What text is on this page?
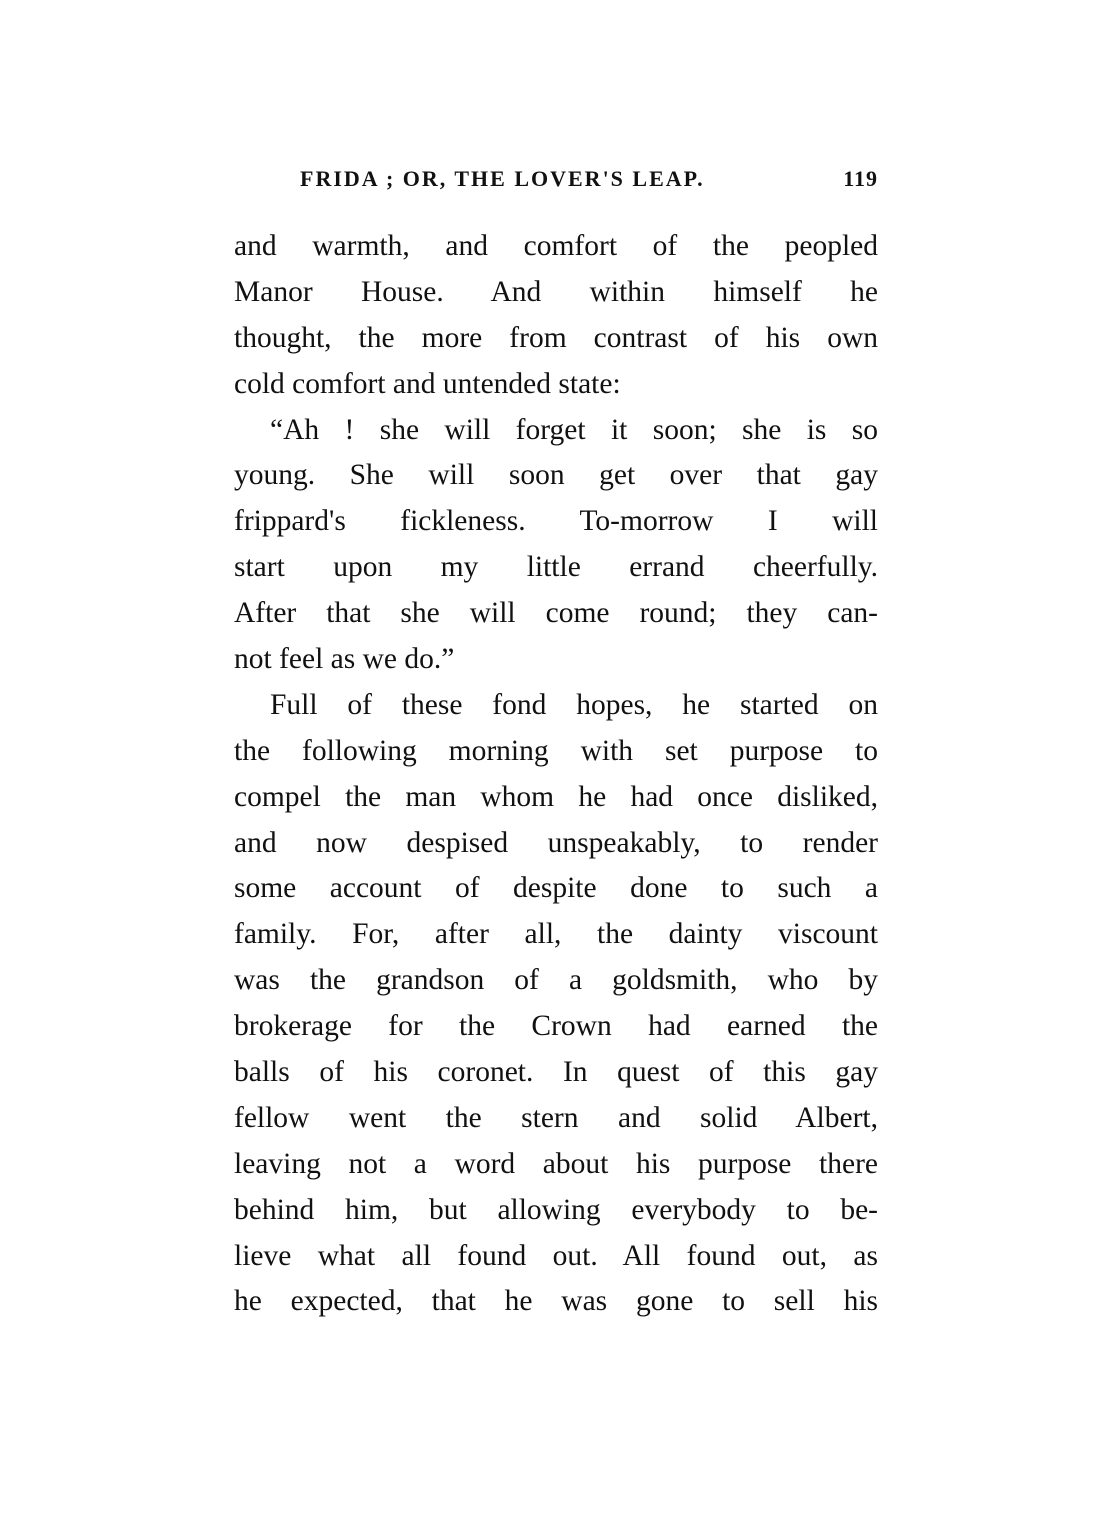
FRIDA ; OR, THE LOVER'S LEAP.	119
and warmth, and comfort of the peopled
Manor House. And within himself he
thought, the more from contrast of his own
cold comfort and untended state:
“Ah ! she will forget it soon; she is so
young. She will soon get over that gay
frippard's fickleness. To-morrow I will
start upon my little errand cheerfully.
After that she will come round; they can-
not feel as we do.”
Full of these fond hopes, he started on
the following morning with set purpose to
compel the man whom he had once disliked,
and now despised unspeakably, to render
some account of despite done to such a
family. For, after all, the dainty viscount
was the grandson of a goldsmith, who by
brokerage for the Crown had earned the
balls of his coronet. In quest of this gay
fellow went the stern and solid Albert,
leaving not a word about his purpose there
behind him, but allowing everybody to be-
lieve what all found out. All found out, as
he expected, that he was gone to sell his
